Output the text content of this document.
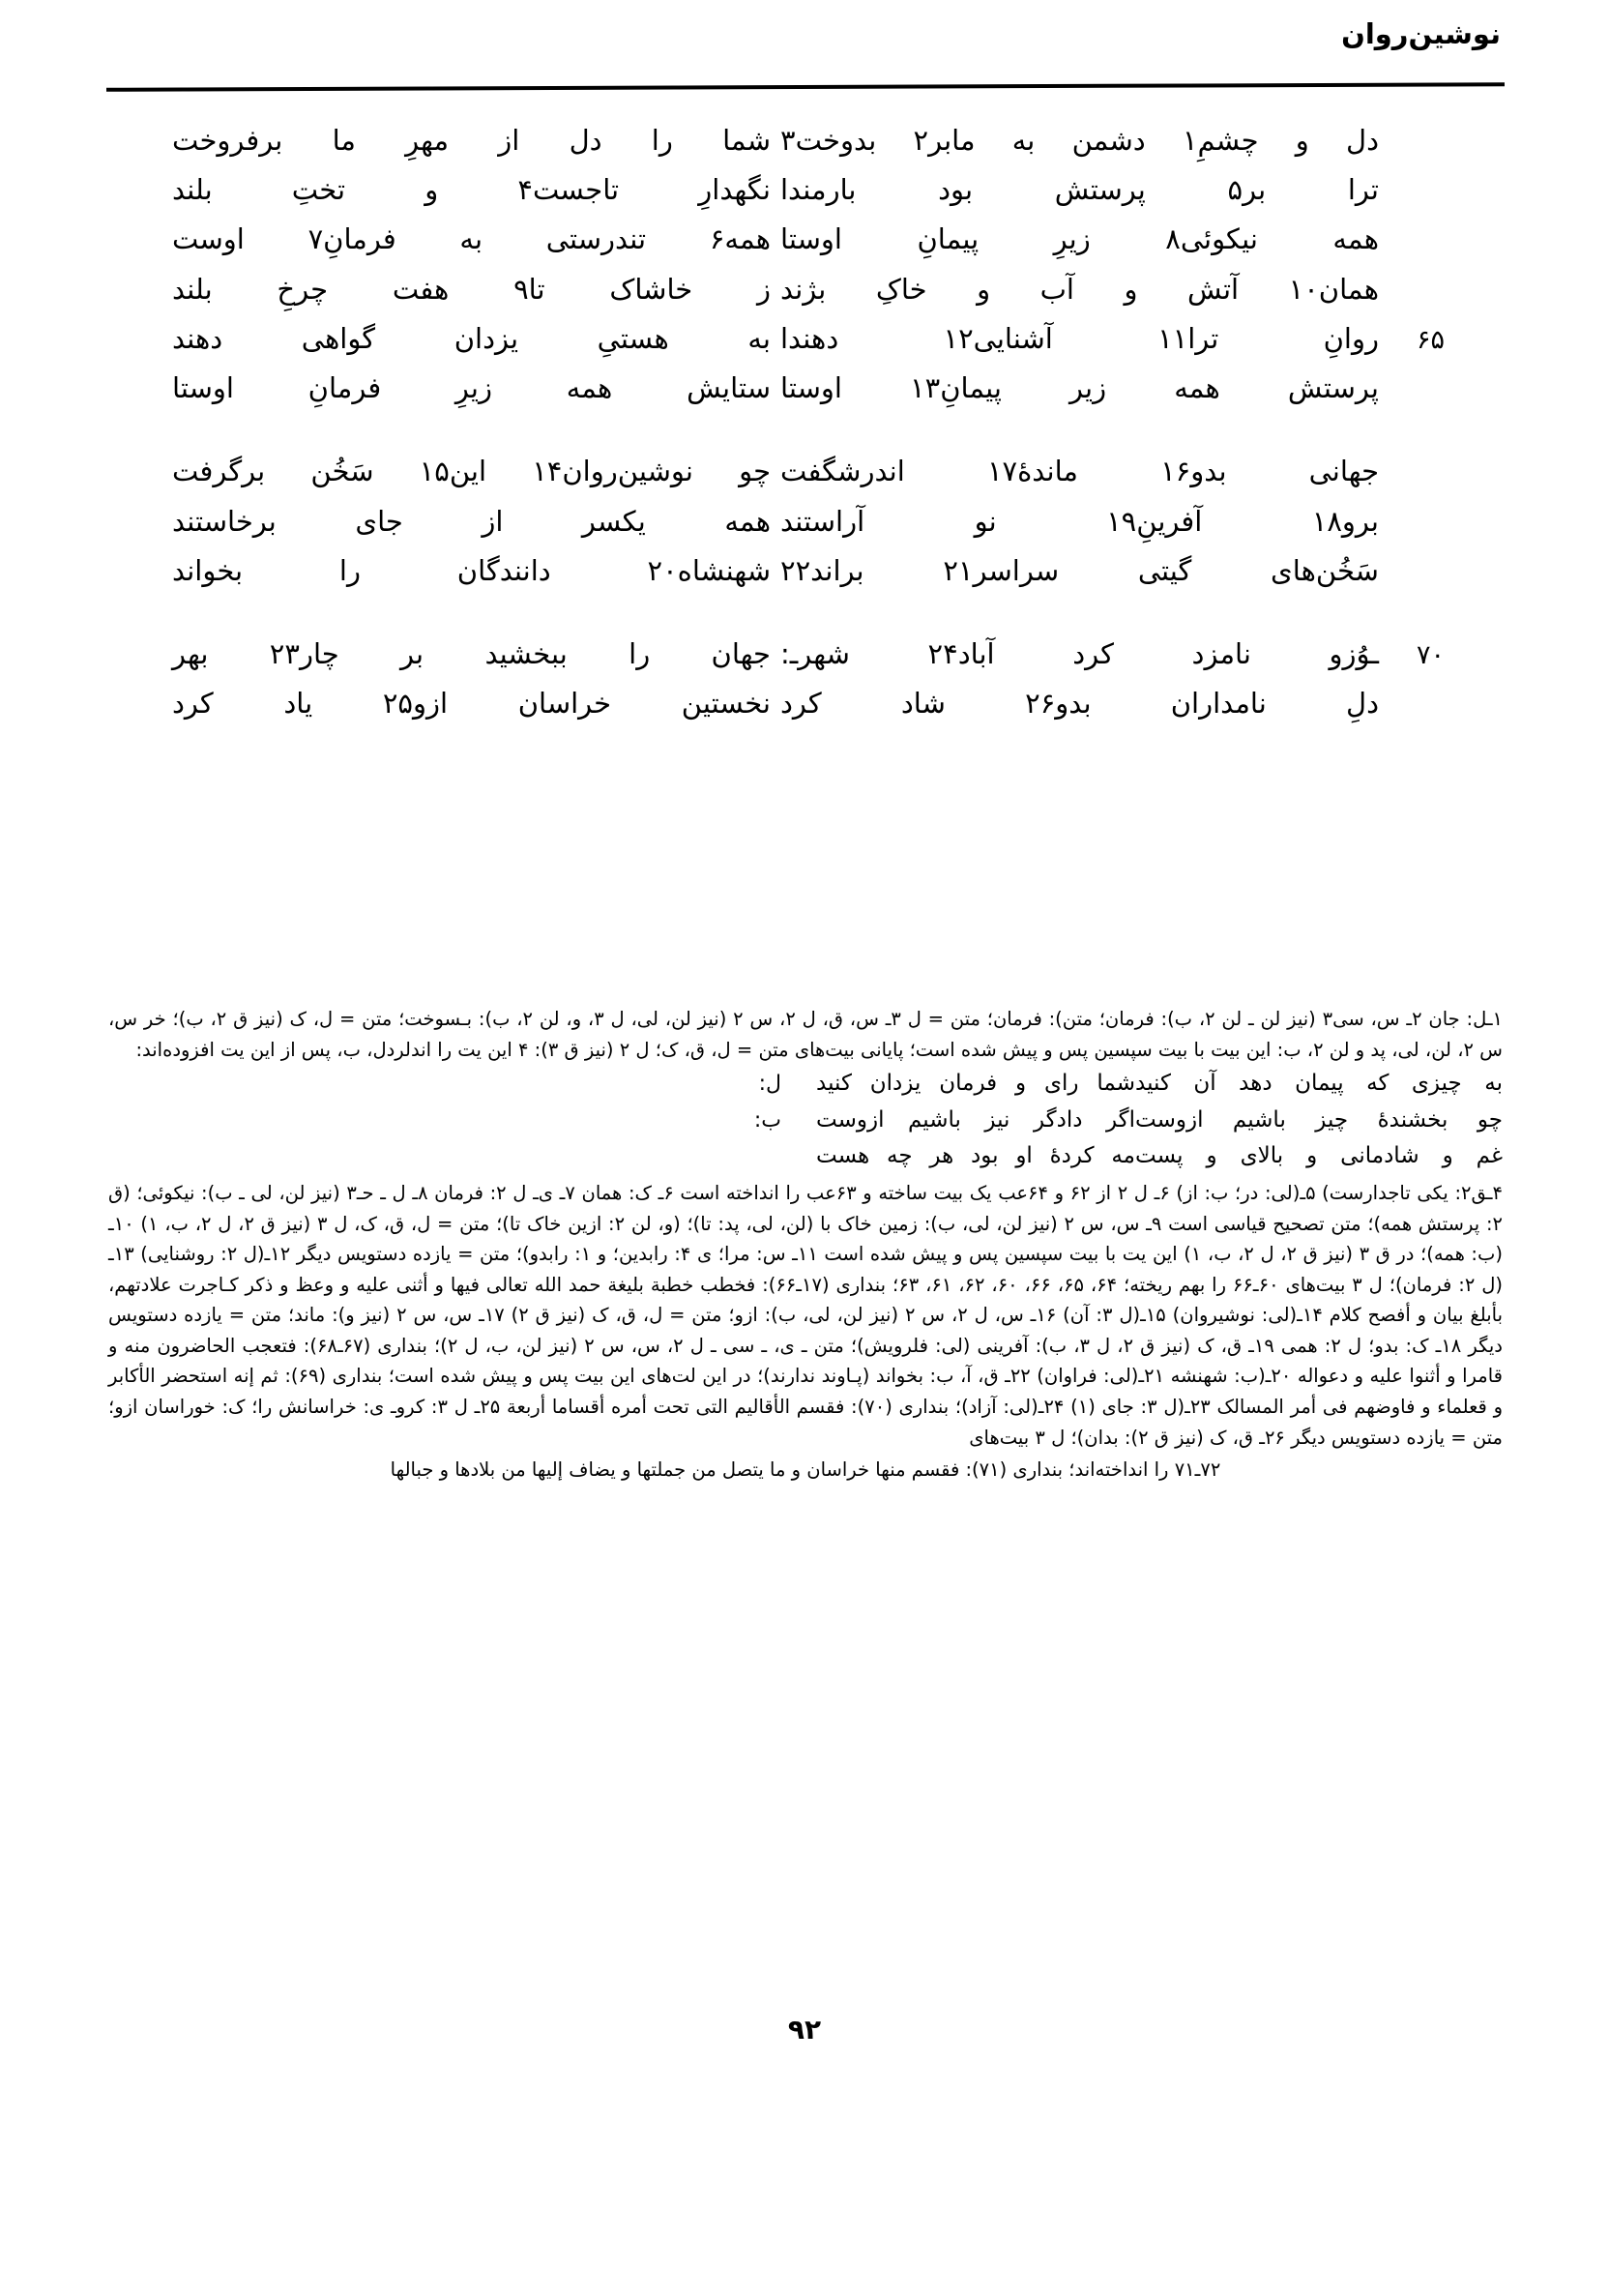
نوشین‌روان
دل و چشمِ۱ دشمن به مابر۲ بدوخت۳
شما را دل از مهرِ ما برفروخت
ترا بر۵ پرستش بود بارمندا
نگهدارِ تاجست۴ و تختِ بلند
همه نیکوئی۸ زیرِ پیمانِ اوستا
همه۶ تندرستی به فرمانِ۷ اوست
همان۱۰ آتش و آب و خاکِ بژند
ز خاشاک تا۹ هفت چرخِ بلند
۶۵
روانِ ترا۱۱ آشنایی۱۲ دهندا
به هستیِ یزدان گواهی دهند
پرستش همه زیر پیمانِ۱۳ اوستا
ستایش همه زیرِ فرمانِ اوستا
جهانی بدو۱۶ ماندهٔ۱۷ اندرشگفت
چو نوشین‌روان۱۴ این۱۵ سَخُن برگرفت
برو۱۸ آفرینِ۱۹ نو آراستند
همه یکسر از جای برخاستند
سَخُن‌های گیتی سراسر۲۱ براند۲۲
شهنشاه۲۰ دانندگان را بخواند
۷۰
ـوُزو نامزد کرد آباد۲۴ شهرـ:
جهان را ببخشید بر چار۲۳ بهر
دلِ نامداران بدو۲۶ شاد کرد
نخستین خراسان ازو۲۵ یاد کرد

۱ـل: جان ۲ـ س، سی۳ (نیز لن ـ لن ۲، ب): فرمان؛ متن): فرمان؛ متن = ل ۳ـ س، ق، ل ۲، س ۲ (نیز لن، لی، ل ۳، و، لن ۲، ب): بـسوخت؛ متن = ل، ک (نیز ق ۲، ب)؛ خر س، س ۲، لن، لی، پد و لن ۲، ب: این بیت با بیت سپسین پس و پیش شده است؛ پایانی بیت‌های متن = ل، ق، ک؛ ل ۲ (نیز ق ۳): ۴ این یت را اندلردل، ب، پس از این یت افزوده‌اند:

به چیزی که پیمان دهد آن کنید
شما رای و فرمان یزدان کنید
ل:
چو بخشندهٔ چیز باشیم ازوست
اگر دادگر نیز باشیم ازوست
ب:
غم و شادمانی و بالای و پست
مه کردهٔ او بود هر چه هست

۴ـق۲: یکی تاجدارست) ۵ـ(لی: در؛ ب: از) ۶ـ ل ۲ از ۶۲ و ۶۴عب یک بیت ساخته و ۶۳عب را انداخته است ۶ـ ک: همان ۷ـ ی‌ـ ل ۲: فرمان ۸ـ ل ـ حـ۳ (نیز لن، لی ـ ب): نیکوئی؛ (ق ۲: پرستش همه)؛ متن تصحیح قیاسی است ۹ـ س، س ۲ (نیز لن، لی، ب): زمین خاک با (لن، لی، پد: تا)؛ (و، لن ۲: ازین خاک تا)؛ متن = ل، ق، ک، ل ۳ (نیز ق ۲، ل ۲، ب، ۱) ۱۰ـ (ب: همه)؛ در ق ۳ (نیز ق ۲، ل ۲، ب، ۱) این یت با بیت سپسین پس و پیش شده است ۱۱ـ س: مرا؛ ی ۴: رابدین؛ و ۱: رابدو)؛ متن = یازده دستویس دیگر ۱۲ـ(ل ۲: روشنایی) ۱۳ـ (ل ۲: فرمان)؛ ل ۳ بیت‌های ۶۰ـ۶۶ را بهم ریخته؛ ۶۴، ۶۵، ۶۶، ۶۰، ۶۲، ۶۱، ۶۳؛ بنداری (۱۷ـ۶۶): فخطب خطبة بلیغة حمد الله تعالی فیها و أثنی علیه و وعظ و ذکر کـاجرت علادتهم، بأبلغ بیان و أفصح کلام ۱۴ـ(لی: نوشیروان) ۱۵ـ(ل ۳: آن) ۱۶ـ س، ل ۲، س ۲ (نیز لن، لی، ب): ازو؛ متن = ل، ق، ک (نیز ق ۲) ۱۷ـ س، س ۲ (نیز و): ماند؛ متن = یازده دستویس دیگر ۱۸ـ ک: بدو؛ ل ۲: همی ۱۹ـ ق، ک (نیز ق ۲، ل ۳، ب): آفرینی (لی: فلرویش)؛ متن ـ ی، ـ سی ـ ل ۲، س، س ۲ (نیز لن، ب، ل ۲)؛ بنداری (۶۷ـ۶۸): فتعجب الحاضرون منه و قامرا و أثنوا علیه و دعواله ۲۰ـ(ب: شهنشه ۲۱ـ(لی: فراوان) ۲۲ـ ق، آ، ب: بخواند (پـاوند ندارند)؛ در این لت‌های این بیت پس و پیش شده است؛ بنداری (۶۹): ثم إنه استحضر الأکابر و قعلماء و فاوضهم فی أمر المسالک ۲۳ـ(ل ۳: جای (۱) ۲۴ـ(لی: آزاد)؛ بنداری (۷۰): فقسم الأقالیم التی تحت أمره أقساما أربعة ۲۵ـ ل ۳: کروـ ی: خراسانش را؛ ک: خوراسان ازو؛ متن = یازده دستویس دیگر ۲۶ـ ق، ک (نیز ق ۲): بدان)؛ ل ۳ بیت‌های

۷۲ـ۷۱ را انداخته‌اند؛ بنداری (۷۱): فقسم منها خراسان و ما یتصل من جملتها و یضاف إلیها من بلادها و جبالها

۹۲
